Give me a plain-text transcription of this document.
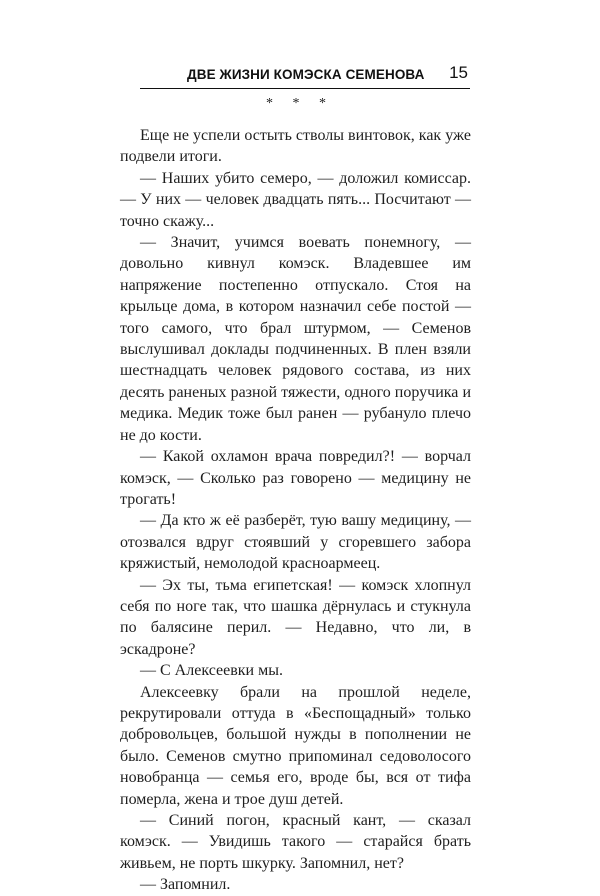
ДВЕ ЖИЗНИ КОМЭСКА СЕМЕНОВА 15
* * *

Еще не успели остыть стволы винтовок, как уже подвели итоги.

— Наших убито семеро, — доложил комиссар. — У них — человек двадцать пять... Посчитают — точно скажу...

— Значит, учимся воевать понемногу, — довольно кивнул комэск. Владевшее им напряжение постепенно отпускало. Стоя на крыльце дома, в котором назначил себе постой — того самого, что брал штурмом, — Семенов выслушивал доклады подчиненных. В плен взяли шестнадцать человек рядового состава, из них десять раненых разной тяжести, одного поручика и медика. Медик тоже был ранен — рубануло плечо не до кости.

— Какой охламон врача повредил?! — ворчал комэск, — Сколько раз говорено — медицину не трогать!

— Да кто ж её разберёт, тую вашу медицину, — отозвался вдруг стоявший у сгоревшего забора кряжистый, немолодой красноармеец.

— Эх ты, тьма египетская! — комэск хлопнул себя по ноге так, что шашка дёрнулась и стукнула по балясине перил. — Недавно, что ли, в эскадроне?

— С Алексеевки мы.

Алексеевку брали на прошлой неделе, рекрутировали оттуда в «Беспощадный» только добровольцев, большой нужды в пополнении не было. Семенов смутно припоминал седоволосого новобранца — семья его, вроде бы, вся от тифа померла, жена и трое душ детей.

— Синий погон, красный кант, — сказал комэск. — Увидишь такого — старайся брать живьем, не порть шкурку. Запомнил, нет?

— Запомнил.
